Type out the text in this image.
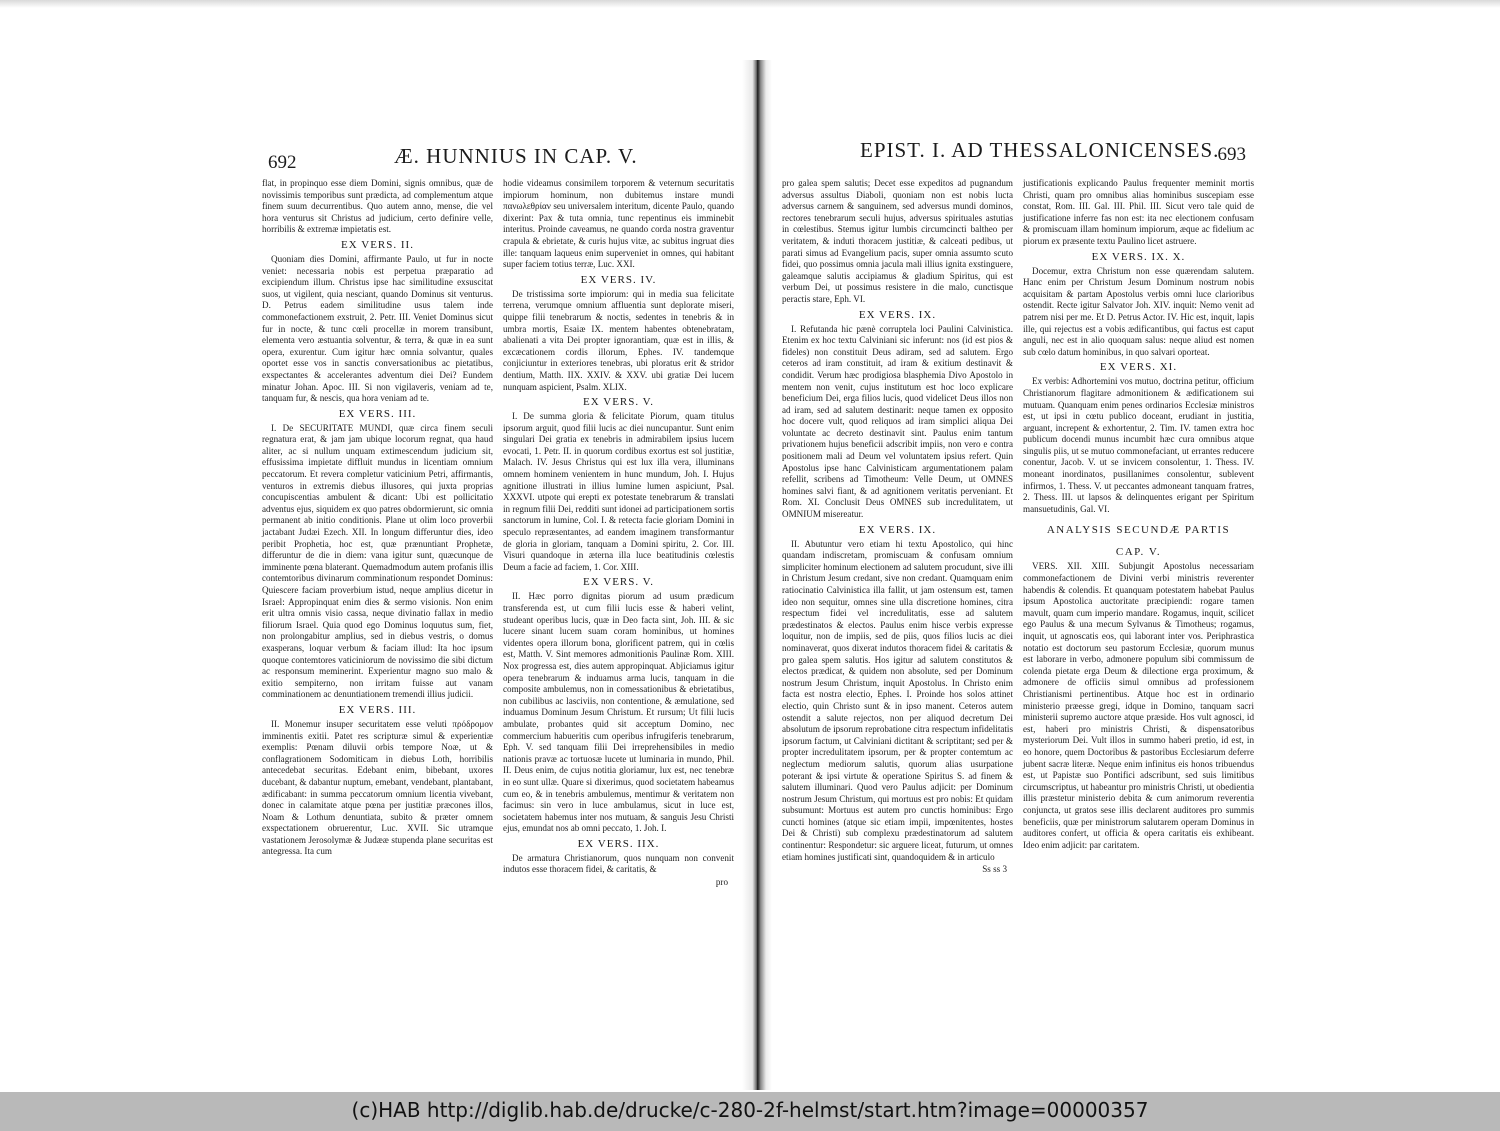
692	Æ. HUNNIUS IN CAP. V.

flat, in propinquo esse diem Domini, signis omnibus, quæ de novissimis temporibus sunt prædicta, ad complementum atque finem suum decurrentibus. Quo autem anno, mense, die vel hora venturus sit Christus ad judicium, certo definire velle, horribilis & extremæ impietatis est.

EX VERS. II.

Quoniam dies Domini, affirmante Paulo, ut fur in nocte veniet: necessaria nobis est perpetua præparatio ad excipiendum illum. Christus ipse hac similitudine exsuscitat suos, ut vigilent, quia nesciant, quando Dominus sit venturus. D. Petrus eadem similitudine usus talem inde commonefactionem exstruit, 2. Petr. III. Veniet Dominus sicut fur in nocte, & tunc cœli procellæ in morem transibunt, elementa vero æstuantia solventur, & terra, & quæ in ea sunt opera, exurentur. Cum igitur hæc omnia solvantur, quales oportet esse vos in sanctis conversationibus ac pietatibus, exspectantes & accelerantes adventum diei Dei? Eundem minatur Johan. Apoc. III. Si non vigilaveris, veniam ad te, tanquam fur, & nescis, qua hora veniam ad te.

EX VERS. III.

I. De SECURITATE MUNDI, quæ circa finem seculi regnatura erat, & jam jam ubique locorum regnat, qua haud aliter, ac si nullum unquam extimescendum judicium sit, effusissima impietate diffluit mundus in licentiam omnium peccatorum. Et revera completur vaticinium Petri, affirmantis, venturos in extremis diebus illusores, qui juxta proprias concupiscentias ambulent & dicant: Ubi est pollicitatio adventus ejus, siquidem ex quo patres obdormierunt, sic omnia permanent ab initio conditionis. Plane ut olim loco proverbii jactabant Judæi Ezech. XII. In longum differuntur dies, ideo peribit Prophetia, hoc est, quæ prænuntiant Prophetæ, differuntur de die in diem: vana igitur sunt, quæcunque de imminente pœna blaterant. Quemadmodum autem profanis illis contemtoribus divinarum comminationum respondet Dominus: Quiescere faciam proverbium istud, neque amplius dicetur in Israel: Appropinquat enim dies & sermo visionis. Non enim erit ultra omnis visio cassa, neque divinatio fallax in medio filiorum Israel. Quia quod ego Dominus loquutus sum, fiet, non prolongabitur amplius, sed in diebus vestris, o domus exasperans, loquar verbum & faciam illud: Ita hoc ipsum quoque contemtores vaticiniorum de novissimo die sibi dictum ac responsum meminerint. Experientur magno suo malo & exitio sempiterno, non irritam fuisse aut vanam comminationem ac denuntiationem tremendi illius judicii.

EX VERS. III.

II. Monemur insuper securitatem esse veluti πρόδρομον imminentis exitii. Patet res scripturæ simul & experientiæ exemplis: Pœnam diluvii orbis tempore Noæ, ut & conflagrationem Sodomiticam in diebus Loth, horribilis antecedebat securitas. Edebant enim, bibebant, uxores ducebant, & dabantur nuptum, emebant, vendebant, plantabant, ædificabant: in summa peccatorum omnium licentia vivebant, donec in calamitate atque pœna per justitiæ præcones illos, Noam & Lothum denuntiata, subito & præter omnem exspectationem obruerentur, Luc. XVII. Sic utramque vastationem Jerosolymæ & Judææ stupenda plane securitas est antegressa. Ita cum

hodie videamus consimilem torporem & veternum securitatis impiorum hominum, non dubitemus instare mundi πανωλεθρίαν seu universalem interitum, dicente Paulo, quando dixerint: Pax & tuta omnia, tunc repentinus eis imminebit interitus. Proinde caveamus, ne quando corda nostra graventur crapula & ebrietate, & curis hujus vitæ, ac subitus ingruat dies ille: tanquam laqueus enim superveniet in omnes, qui habitant super faciem totius terræ, Luc. XXI.

EX VERS. IV.

De tristissima sorte impiorum: qui in media sua felicitate terrena, verumque omnium affluentia sunt deplorate miseri, quippe filii tenebrarum & noctis, sedentes in tenebris & in umbra mortis, Esaiæ IX. mentem habentes obtenebratam, abalienati a vita Dei propter ignorantiam, quæ est in illis, & excæcationem cordis illorum, Ephes. IV. tandemque conjiciuntur in exteriores tenebras, ubi ploratus erit & stridor dentium, Matth. IIX. XXIV. & XXV. ubi gratiæ Dei lucem nunquam aspicient, Psalm. XLIX.

EX VERS. V.

I. De summa gloria & felicitate Piorum, quam titulus ipsorum arguit, quod filii lucis ac diei nuncupantur. Sunt enim singulari Dei gratia ex tenebris in admirabilem ipsius lucem evocati, 1. Petr. II. in quorum cordibus exortus est sol justitiæ, Malach. IV. Jesus Christus qui est lux illa vera, illuminans omnem hominem venientem in hunc mundum, Joh. I. Hujus agnitione illustrati in illius lumine lumen aspiciunt, Psal. XXXVI. utpote qui erepti ex potestate tenebrarum & translati in regnum filii Dei, redditi sunt idonei ad participationem sortis sanctorum in lumine, Col. I. & retecta facie gloriam Domini in speculo repræsentantes, ad eandem imaginem transformantur de gloria in gloriam, tanquam a Domini spiritu, 2. Cor. III. Visuri quandoque in æterna illa luce beatitudinis cœlestis Deum a facie ad faciem, 1. Cor. XIII.

EX VERS. V.

II. Hæc porro dignitas piorum ad usum prædicum transferenda est, ut cum filii lucis esse & haberi velint, studeant operibus lucis, quæ in Deo facta sint, Joh. III. & sic lucere sinant lucem suam coram hominibus, ut homines videntes opera illorum bona, glorificent patrem, qui in cœlis est, Matth. V. Sint memores admonitionis Paulinæ Rom. XIII. Nox progressa est, dies autem appropinquat. Abjiciamus igitur opera tenebrarum & induamus arma lucis, tanquam in die composite ambulemus, non in comessationibus & ebrietatibus, non cubilibus ac lasciviis, non contentione, & æmulatione, sed induamus Dominum Jesum Christum. Et rursum; Ut filii lucis ambulate, probantes quid sit acceptum Domino, nec commercium habueritis cum operibus infrugiferis tenebrarum, Eph. V. sed tanquam filii Dei irreprehensibiles in medio nationis pravæ ac tortuosæ lucete ut luminaria in mundo, Phil. II. Deus enim, de cujus notitia gloriamur, lux est, nec tenebræ in eo sunt ullæ. Quare si dixerimus, quod societatem habeamus cum eo, & in tenebris ambulemus, mentimur & veritatem non facimus: sin vero in luce ambulamus, sicut in luce est, societatem habemus inter nos mutuam, & sanguis Jesu Christi ejus, emundat nos ab omni peccato, 1. Joh. I.

EX VERS. IIX.

De armatura Christianorum, quos nunquam non convenit indutos esse thoracem fidei, & caritatis, &

pro
EPIST. I. AD THESSALONICENSES.
693

pro galea spem salutis; Decet esse expeditos ad pugnandum adversus assultus Diaboli, quoniam non est nobis lucta adversus carnem & sanguinem, sed adversus mundi dominos, rectores tenebrarum seculi hujus, adversus spirituales astutias in cœlestibus. Stemus igitur lumbis circumcincti baltheo per veritatem, & induti thoracem justitiæ, & calceati pedibus, ut parati simus ad Evangelium pacis, super omnia assumto scuto fidei, quo possimus omnia jacula mali illius ignita exstinguere, galeamque salutis accipiamus & gladium Spiritus, qui est verbum Dei, ut possimus resistere in die malo, cunctisque peractis stare, Eph. VI.

EX VERS. IX.

I. Refutanda hic pænè corruptela loci Paulini Calvinistica. Etenim ex hoc textu Calviniani sic inferunt: nos (id est pios & fideles) non constituit Deus adiram, sed ad salutem. Ergo ceteros ad iram constituit, ad iram & exitium destinavit & condidit. Verum hæc prodigiosa blasphemia Divo Apostolo in mentem non venit, cujus institutum est hoc loco explicare beneficium Dei, erga filios lucis, quod videlicet Deus illos non ad iram, sed ad salutem destinarit: neque tamen ex opposito hoc docere vult, quod reliquos ad iram simplici aliqua Dei voluntate ac decreto destinavit sint. Paulus enim tantum privationem hujus beneficii adscribit impiis, non vero e contra positionem mali ad Deum vel voluntatem ipsius refert. Quin Apostolus ipse hanc Calvinisticam argumentationem palam refellit, scribens ad Timotheum: Velle Deum, ut OMNES homines salvi fiant, & ad agnitionem veritatis perveniant. Et Rom. XI. Conclusit Deus OMNES sub incredulitatem, ut OMNIUM misereatur.

EX VERS. IX.

II. Abutuntur vero etiam hi textu Apostolico, qui hinc quandam indiscretam, promiscuam & confusam omnium simpliciter hominum electionem ad salutem procudunt, sive illi in Christum Jesum credant, sive non credant. Quamquam enim ratiocinatio Calvinistica illa fallit, ut jam ostensum est, tamen ideo non sequitur, omnes sine ulla discretione homines, citra respectum fidei vel incredulitatis, esse ad salutem prædestinatos & electos. Paulus enim hisce verbis expresse loquitur, non de impiis, sed de piis, quos filios lucis ac diei nominaverat, quos dixerat indutos thoracem fidei & caritatis & pro galea spem salutis. Hos igitur ad salutem constitutos & electos prædicat, & quidem non absolute, sed per Dominum nostrum Jesum Christum, inquit Apostolus. In Christo enim facta est nostra electio, Ephes. I. Proinde hos solos attinet electio, quin Christo sunt & in ipso manent. Ceteros autem ostendit a salute rejectos, non per aliquod decretum Dei absolutum de ipsorum reprobatione citra respectum infidelitatis ipsorum factum, ut Calviniani dictitant & scriptitant; sed per & propter incredulitatem ipsorum, per & propter contemtum ac neglectum mediorum salutis, quorum alias usurpatione poterant & ipsi virtute & operatione Spiritus S. ad finem & salutem illuminari. Quod vero Paulus adjicit: per Dominum nostrum Jesum Christum, qui mortuus est pro nobis: Et quidam subsumunt: Mortuus est autem pro cunctis hominibus: Ergo cuncti homines (atque sic etiam impii, impœnitentes, hostes Dei & Christi) sub complexu prædestinatorum ad salutem continentur: Respondetur: sic arguere liceat, futurum, ut omnes etiam homines justificati sint, quandoquidem & in articulo

Ss ss 3

justificationis explicando Paulus frequenter meminit mortis Christi, quam pro omnibus alias hominibus suscepiam esse constat, Rom. III. Gal. III. Phil. III. Sicut vero tale quid de justificatione inferre fas non est: ita nec electionem confusam & promiscuam illam hominum impiorum, æque ac fidelium ac piorum ex præsente textu Paulino licet astruere.

EX VERS. IX. X.

Docemur, extra Christum non esse quærendam salutem. Hanc enim per Christum Jesum Dominum nostrum nobis acquisitam & partam Apostolus verbis omni luce clarioribus ostendit. Recte igitur Salvator Joh. XIV. inquit: Nemo venit ad patrem nisi per me. Et D. Petrus Actor. IV. Hic est, inquit, lapis ille, qui rejectus est a vobis ædificantibus, qui factus est caput anguli, nec est in alio quoquam salus: neque aliud est nomen sub cœlo datum hominibus, in quo salvari oporteat.

EX VERS. XI.

Ex verbis: Adhortemini vos mutuo, doctrina petitur, officium Christianorum flagitare admonitionem & ædificationem sui mutuam. Quanquam enim penes ordinarios Ecclesiæ ministros est, ut ipsi in cœtu publico doceant, erudiant in justitia, arguant, increpent & exhortentur, 2. Tim. IV. tamen extra hoc publicum docendi munus incumbit hæc cura omnibus atque singulis piis, ut se mutuo commonefaciant, ut errantes reducere conentur, Jacob. V. ut se invicem consolentur, 1. Thess. IV. moneant inordinatos, pusillanimes consolentur, sublevent infirmos, 1. Thess. V. ut peccantes admoneant tanquam fratres, 2. Thess. III. ut lapsos & delinquentes erigant per Spiritum mansuetudinis, Gal. VI.

ANALYSIS SECUNDÆ PARTIS
CAP. V.

VERS. XII. XIII. Subjungit Apostolus necessariam commonefactionem de Divini verbi ministris reverenter habendis & colendis. Et quanquam potestatem habebat Paulus ipsum Apostolica auctoritate præcipiendi: rogare tamen mavult, quam cum imperio mandare. Rogamus, inquit, scilicet ego Paulus & una mecum Sylvanus & Timotheus; rogamus, inquit, ut agnoscatis eos, qui laborant inter vos. Periphrastica notatio est doctorum seu pastorum Ecclesiæ, quorum munus est laborare in verbo, admonere populum sibi commissum de colenda pietate erga Deum & dilectione erga proximum, & admonere de officiis simul omnibus ad professionem Christianismi pertinentibus. Atque hoc est in ordinario ministerio præesse gregi, idque in Domino, tanquam sacri ministerii supremo auctore atque præside. Hos vult agnosci, id est, haberi pro ministris Christi, & dispensatoribus mysteriorum Dei. Vult illos in summo haberi pretio, id est, in eo honore, quem Doctoribus & pastoribus Ecclesiarum deferre jubent sacræ literæ. Neque enim infinitus eis honos tribuendus est, ut Papistæ suo Pontifici adscribunt, sed suis limitibus circumscriptus, ut habeantur pro ministris Christi, ut obedientia illis præstetur ministerio debita & cum animorum reverentia conjuncta, ut gratos sese illis declarent auditores pro summis beneficiis, quæ per ministrorum salutarem operam Dominus in auditores confert, ut officia & opera caritatis eis exhibeant. Ideo enim adjicit: par caritatem.

(c)HAB http://diglib.hab.de/drucke/c-280-2f-helmst/start.htm?image=00000357
